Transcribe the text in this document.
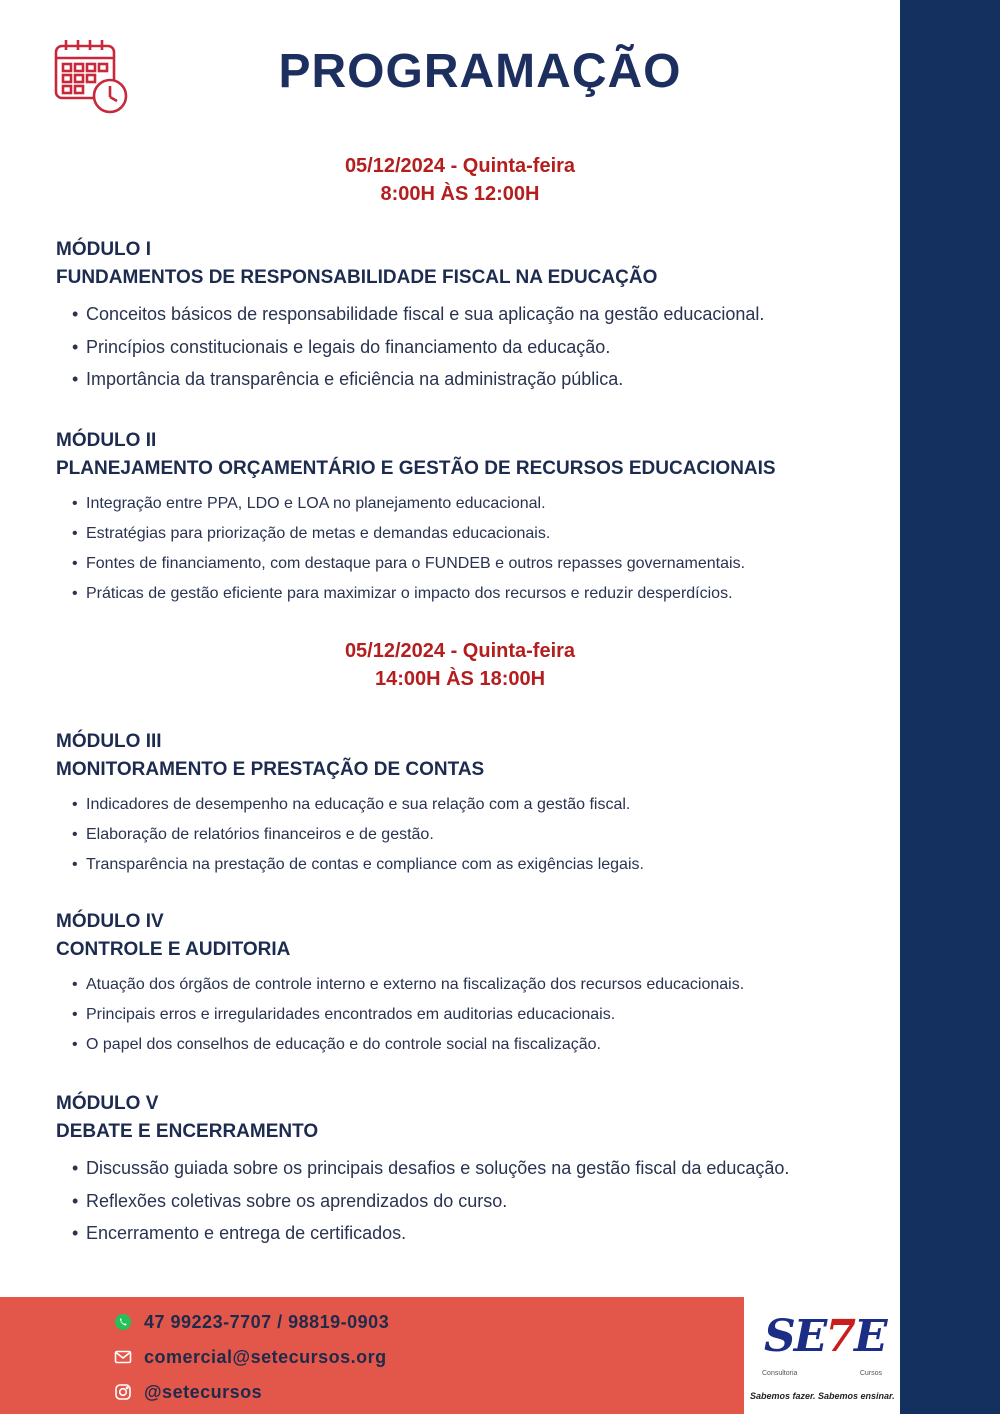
PROGRAMAÇÃO
05/12/2024 - Quinta-feira
8:00H ÀS 12:00H
MÓDULO I
FUNDAMENTOS DE RESPONSABILIDADE FISCAL NA EDUCAÇÃO
• Conceitos básicos de responsabilidade fiscal e sua aplicação na gestão educacional.
• Princípios constitucionais e legais do financiamento da educação.
• Importância da transparência e eficiência na administração pública.
MÓDULO II
PLANEJAMENTO ORÇAMENTÁRIO E GESTÃO DE RECURSOS EDUCACIONAIS
• Integração entre PPA, LDO e LOA no planejamento educacional.
• Estratégias para priorização de metas e demandas educacionais.
• Fontes de financiamento, com destaque para o FUNDEB e outros repasses governamentais.
• Práticas de gestão eficiente para maximizar o impacto dos recursos e reduzir desperdícios.
05/12/2024 - Quinta-feira
14:00H ÀS 18:00H
MÓDULO III
MONITORAMENTO E PRESTAÇÃO DE CONTAS
• Indicadores de desempenho na educação e sua relação com a gestão fiscal.
• Elaboração de relatórios financeiros e de gestão.
• Transparência na prestação de contas e compliance com as exigências legais.
MÓDULO IV
CONTROLE E AUDITORIA
• Atuação dos órgãos de controle interno e externo na fiscalização dos recursos educacionais.
• Principais erros e irregularidades encontrados em auditorias educacionais.
• O papel dos conselhos de educação e do controle social na fiscalização.
MÓDULO V
DEBATE E ENCERRAMENTO
• Discussão guiada sobre os principais desafios e soluções na gestão fiscal da educação.
• Reflexões coletivas sobre os aprendizados do curso.
• Encerramento e entrega de certificados.
47 99223-7707 / 98819-0903
comercial@setecursos.org
@setecursos
SE7E
Consultoria	Cursos
Sabemos fazer. Sabemos ensinar.
